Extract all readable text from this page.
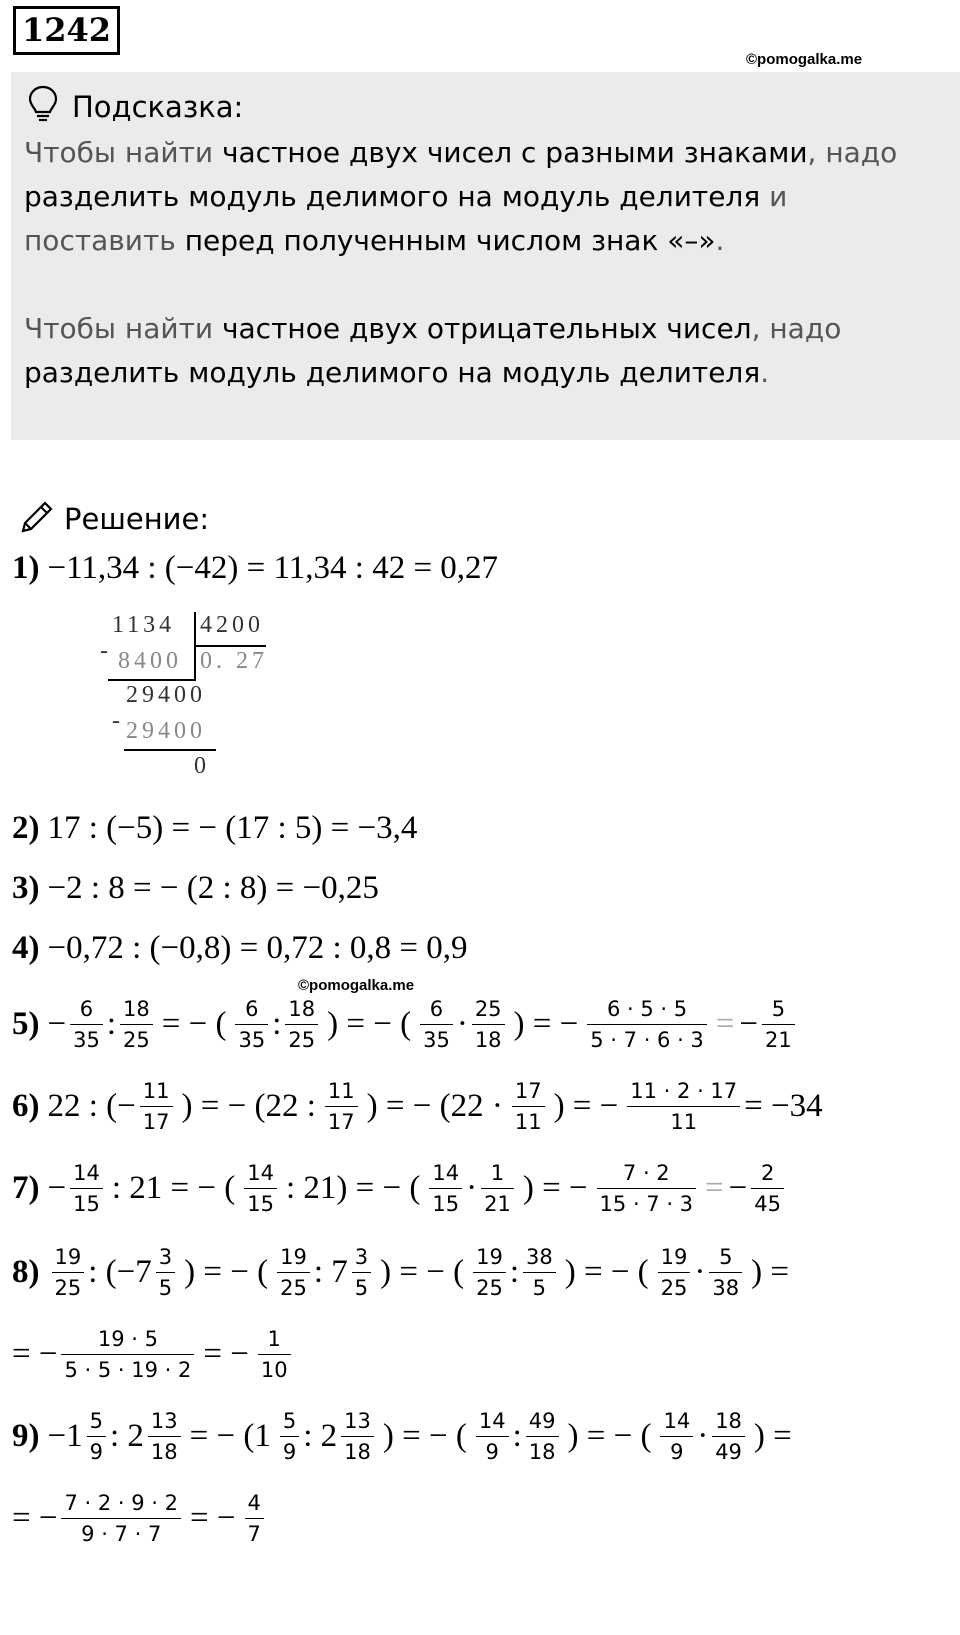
1242
©pomogalka.me
Подсказка:
Чтобы найти частное двух чисел с разными знаками, надо
разделить модуль делимого на модуль делителя и
поставить перед полученным числом знак «–».
Чтобы найти частное двух отрицательных чисел, надо
разделить модуль делимого на модуль делителя.
Решение:
1) −11,34 : (−42) = 11,34 : 42 = 0,27
1134 4200
- 8400 0. 27
29400
- 29400
0
2) 17 : (−5) = − (17 : 5) = −3,4
3) −2 : 8 = − (2 : 8) = −0,25
4) −0,72 : (−0,8) = 0,72 : 0,8 = 0,9
©pomogalka.me
$5) - \frac{6}{35}$ : $\frac{18}{25}$ = − ( $\frac{6}{35}$ : $\frac{18}{25}$ ) = − ( $\frac{6}{35} \cdot \frac{25}{18}$ ) = − $\frac{6 \cdot 5 \cdot 5}{5 \cdot 7 \cdot 6 \cdot 3}$ = − $\frac{5}{21}$
6) 22 : (− $\frac{11}{17}$ ) = − (22 : $\frac{11}{17}$ ) = − ($22 \cdot \frac{17}{11}$ ) = − $\frac{11 \cdot 2 \cdot 17}{11} = -34$
$7) - \frac{14}{15}$ : 21 = − ( $\frac{14}{15}$ : 21) = − ( $\frac{14}{15} \cdot \frac{1}{21}$ ) = − $\frac{7 \cdot 2}{15 \cdot 7 \cdot 3}$ = − $\frac{2}{45}$
$8) \frac{19}{25}$ : ($-7 \frac{3}{5}$ ) = − ( $\frac{19}{25}$ : $7 \frac{3}{5}$ ) = − ( $\frac{19}{25}$ : $\frac{38}{5}$ ) = − ( $\frac{19}{25} \cdot \frac{5}{38}$ ) =
= − $\frac{19 \cdot 5}{5 \cdot 5 \cdot 19 \cdot 2}$ = − $\frac{1}{10}$
$9) -1 \frac{5}{9}$ : $2 \frac{13}{18}$ = − ($1 \frac{5}{9}$ : $2 \frac{13}{18}$ ) = − ( $\frac{14}{9}$ : $\frac{49}{18}$ ) = − ( $\frac{14}{9} \cdot \frac{18}{49}$ ) =
= − $\frac{7 \cdot 2 \cdot 9 \cdot 2}{9 \cdot 7 \cdot 7}$ = − $\frac{4}{7}$
